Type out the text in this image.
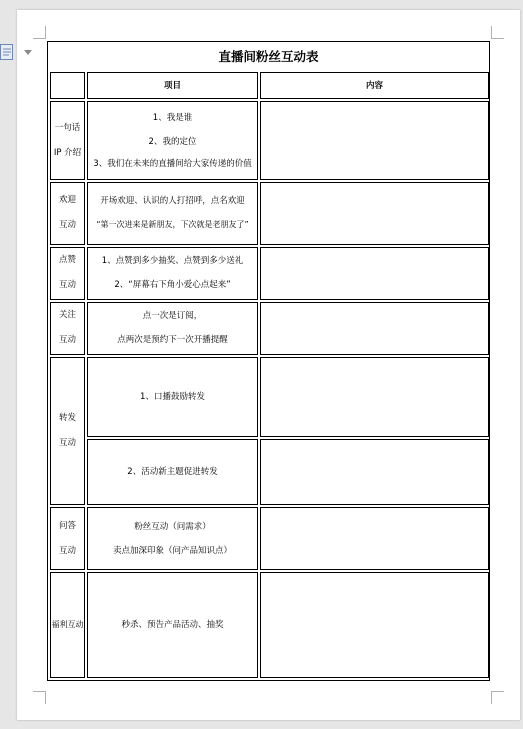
直播间粉丝互动表
	项目	内容

一句话
IP 介绍	1、我是谁
2、我的定位
3、我们在未来的直播间给大家传递的价值	

欢迎
互动	开场欢迎、认识的人打招呼，点名欢迎
“第一次进来是新朋友，下次就是老朋友了”	

点赞
互动	1、点赞到多少抽奖、点赞到多少送礼
2、“屏幕右下角小爱心点起来”	

关注
互动	点一次是订阅，
点两次是预约下一次开播提醒	

转发
互动	1、口播鼓励转发	
	2、活动新主题促进转发	

问答
互动	粉丝互动（问需求）
卖点加深印象（问产品知识点）	

福利互动	秒杀、预告产品活动、抽奖	
